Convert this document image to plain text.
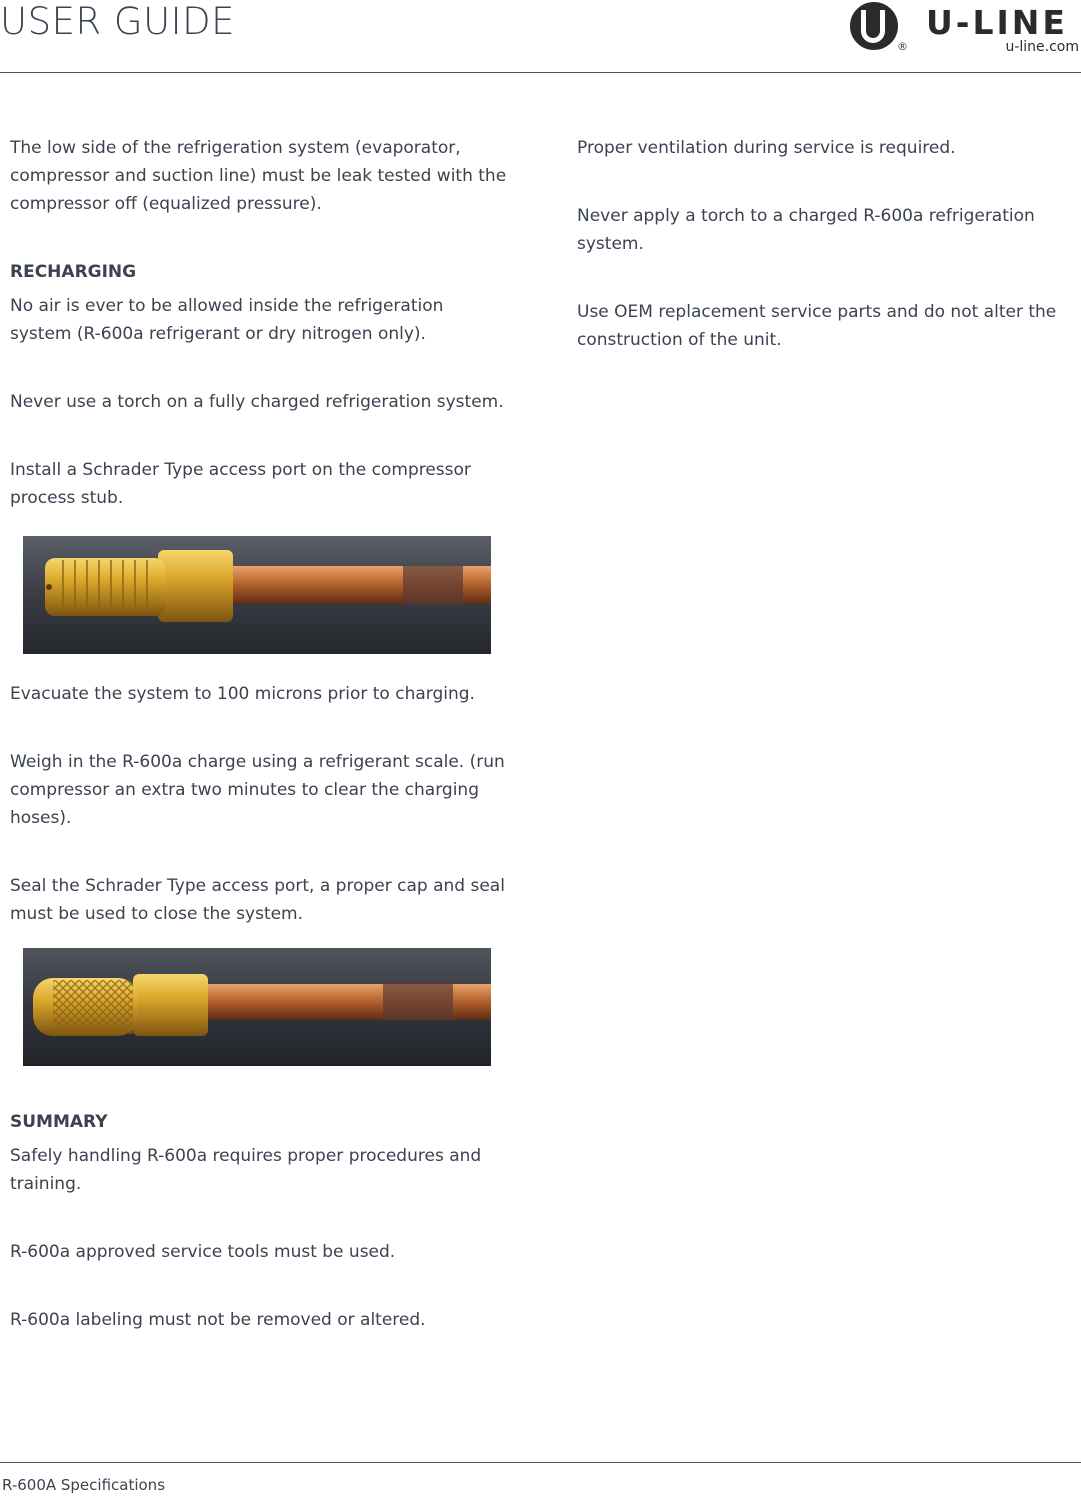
USER GUIDE
®
U-LINE
u-line.com

The low side of the refrigeration system (evaporator, compressor and suction line) must be leak tested with the compressor off (equalized pressure).

RECHARGING

No air is ever to be allowed inside the refrigeration system (R-600a refrigerant or dry nitrogen only).

Never use a torch on a fully charged refrigeration system.

Install a Schrader Type access port on the compressor process stub.

Evacuate the system to 100 microns prior to charging.

Weigh in the R-600a charge using a refrigerant scale. (run compressor an extra two minutes to clear the charging hoses).

Seal the Schrader Type access port, a proper cap and seal must be used to close the system.

SUMMARY

Safely handling R-600a requires proper procedures and training.

R-600a approved service tools must be used.

R-600a labeling must not be removed or altered.

Proper ventilation during service is required.

Never apply a torch to a charged R-600a refrigeration system.

Use OEM replacement service parts and do not alter the construction of the unit.

R-600A Specifications
